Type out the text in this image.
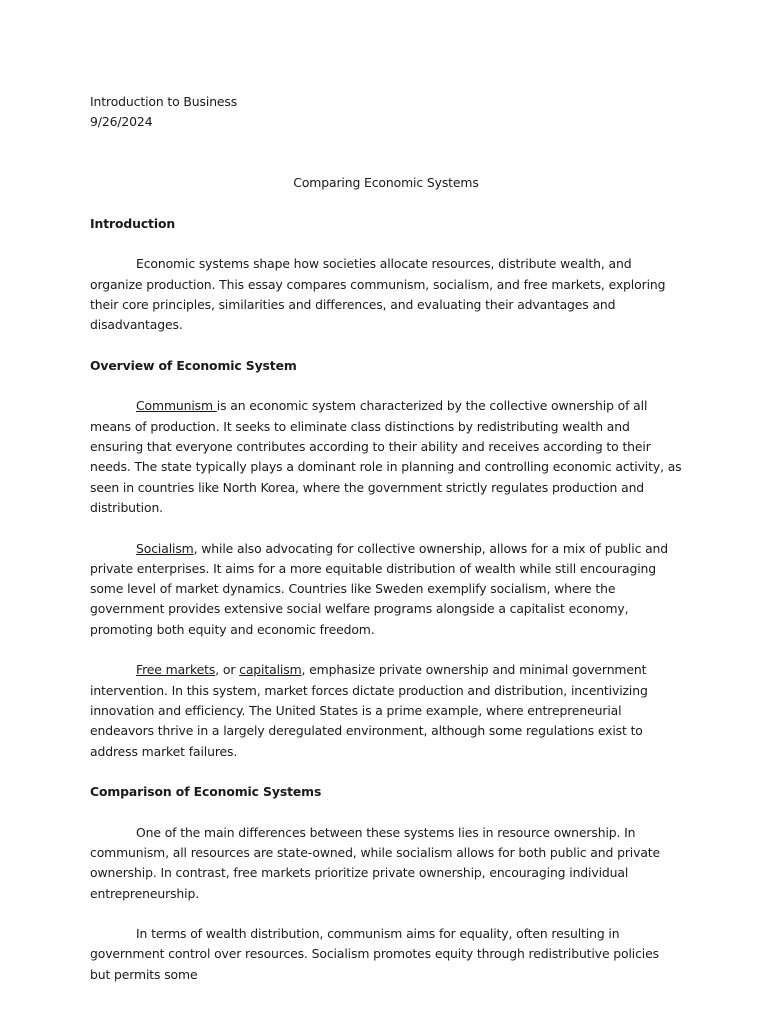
Introduction to Business
9/26/2024
Comparing Economic Systems
Introduction
Economic systems shape how societies allocate resources, distribute wealth, and organize production. This essay compares communism, socialism, and free markets, exploring their core principles, similarities and differences, and evaluating their advantages and disadvantages.
Overview of Economic System
Communism is an economic system characterized by the collective ownership of all means of production. It seeks to eliminate class distinctions by redistributing wealth and ensuring that everyone contributes according to their ability and receives according to their needs. The state typically plays a dominant role in planning and controlling economic activity, as seen in countries like North Korea, where the government strictly regulates production and distribution.
Socialism, while also advocating for collective ownership, allows for a mix of public and private enterprises. It aims for a more equitable distribution of wealth while still encouraging some level of market dynamics. Countries like Sweden exemplify socialism, where the government provides extensive social welfare programs alongside a capitalist economy, promoting both equity and economic freedom.
Free markets, or capitalism, emphasize private ownership and minimal government intervention. In this system, market forces dictate production and distribution, incentivizing innovation and efficiency. The United States is a prime example, where entrepreneurial endeavors thrive in a largely deregulated environment, although some regulations exist to address market failures.
Comparison of Economic Systems
One of the main differences between these systems lies in resource ownership. In communism, all resources are state-owned, while socialism allows for both public and private ownership. In contrast, free markets prioritize private ownership, encouraging individual entrepreneurship.
In terms of wealth distribution, communism aims for equality, often resulting in government control over resources. Socialism promotes equity through redistributive policies but permits some
